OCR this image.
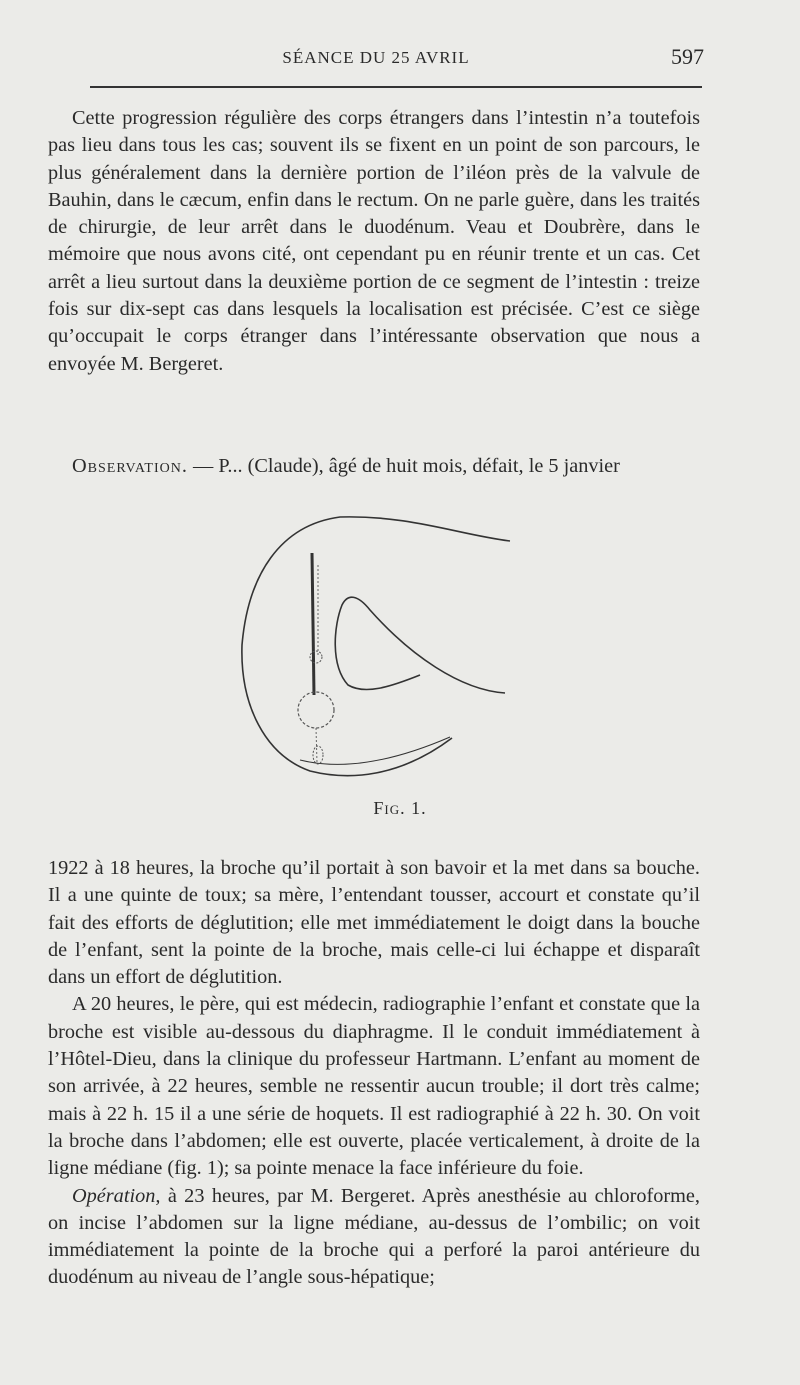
SÉANCE DU 25 AVRIL	597

Cette progression régulière des corps étrangers dans l’intestin n’a toutefois pas lieu dans tous les cas; souvent ils se fixent en un point de son parcours, le plus généralement dans la dernière portion de l’iléon près de la valvule de Bauhin, dans le cæcum, enfin dans le rectum. On ne parle guère, dans les traités de chirurgie, de leur arrêt dans le duodénum. Veau et Doubrère, dans le mémoire que nous avons cité, ont cependant pu en réunir trente et un cas. Cet arrêt a lieu surtout dans la deuxième portion de ce segment de l’intestin : treize fois sur dix-sept cas dans lesquels la localisation est précisée. C’est ce siège qu’occupait le corps étranger dans l’intéressante observation que nous a envoyée M. Bergeret.

Observation. — P... (Claude), âgé de huit mois, défait, le 5 janvier

Fig. 1.

1922 à 18 heures, la broche qu’il portait à son bavoir et la met dans sa bouche. Il a une quinte de toux; sa mère, l’entendant tousser, accourt et constate qu’il fait des efforts de déglutition; elle met immédiatement le doigt dans la bouche de l’enfant, sent la pointe de la broche, mais celle-ci lui échappe et disparaît dans un effort de déglutition.

A 20 heures, le père, qui est médecin, radiographie l’enfant et constate que la broche est visible au-dessous du diaphragme. Il le conduit immédiatement à l’Hôtel-Dieu, dans la clinique du professeur Hartmann. L’enfant au moment de son arrivée, à 22 heures, semble ne ressentir aucun trouble; il dort très calme; mais à 22 h. 15 il a une série de hoquets. Il est radiographié à 22 h. 30. On voit la broche dans l’abdomen; elle est ouverte, placée verticalement, à droite de la ligne médiane (fig. 1); sa pointe menace la face inférieure du foie.

Opération, à 23 heures, par M. Bergeret. Après anesthésie au chloroforme, on incise l’abdomen sur la ligne médiane, au-dessus de l’ombilic; on voit immédiatement la pointe de la broche qui a perforé la paroi antérieure du duodénum au niveau de l’angle sous-hépatique;
